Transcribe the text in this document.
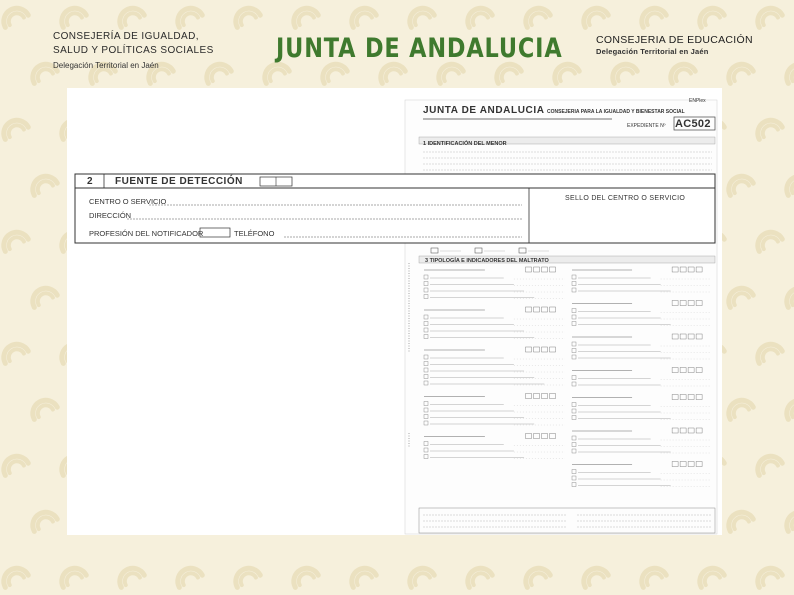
CONSEJERÍA DE IGUALDAD,
SALUD Y POLÍTICAS SOCIALES
Delegación Territorial en Jaén
JUNTA DE ANDALUCIA	CONSEJERIA DE EDUCACIÓN
Delegación Territorial en Jaén
JUNTA DE ANDALUCIA CONSEJERIA PARA LA IGUALDAD Y BIENESTAR SOCIAL
ENPlex
EXPEDIENTE Nº AC502
1 IDENTIFICACIÓN DEL MENOR
2 FUENTE DE DETECCIÓN
CENTRO O SERVICIO
DIRECCIÓN
PROFESIÓN DEL NOTIFICADOR	TELÉFONO
SELLO DEL CENTRO O SERVICIO
3 TIPOLOGÍA E INDICADORES DEL MALTRATO
